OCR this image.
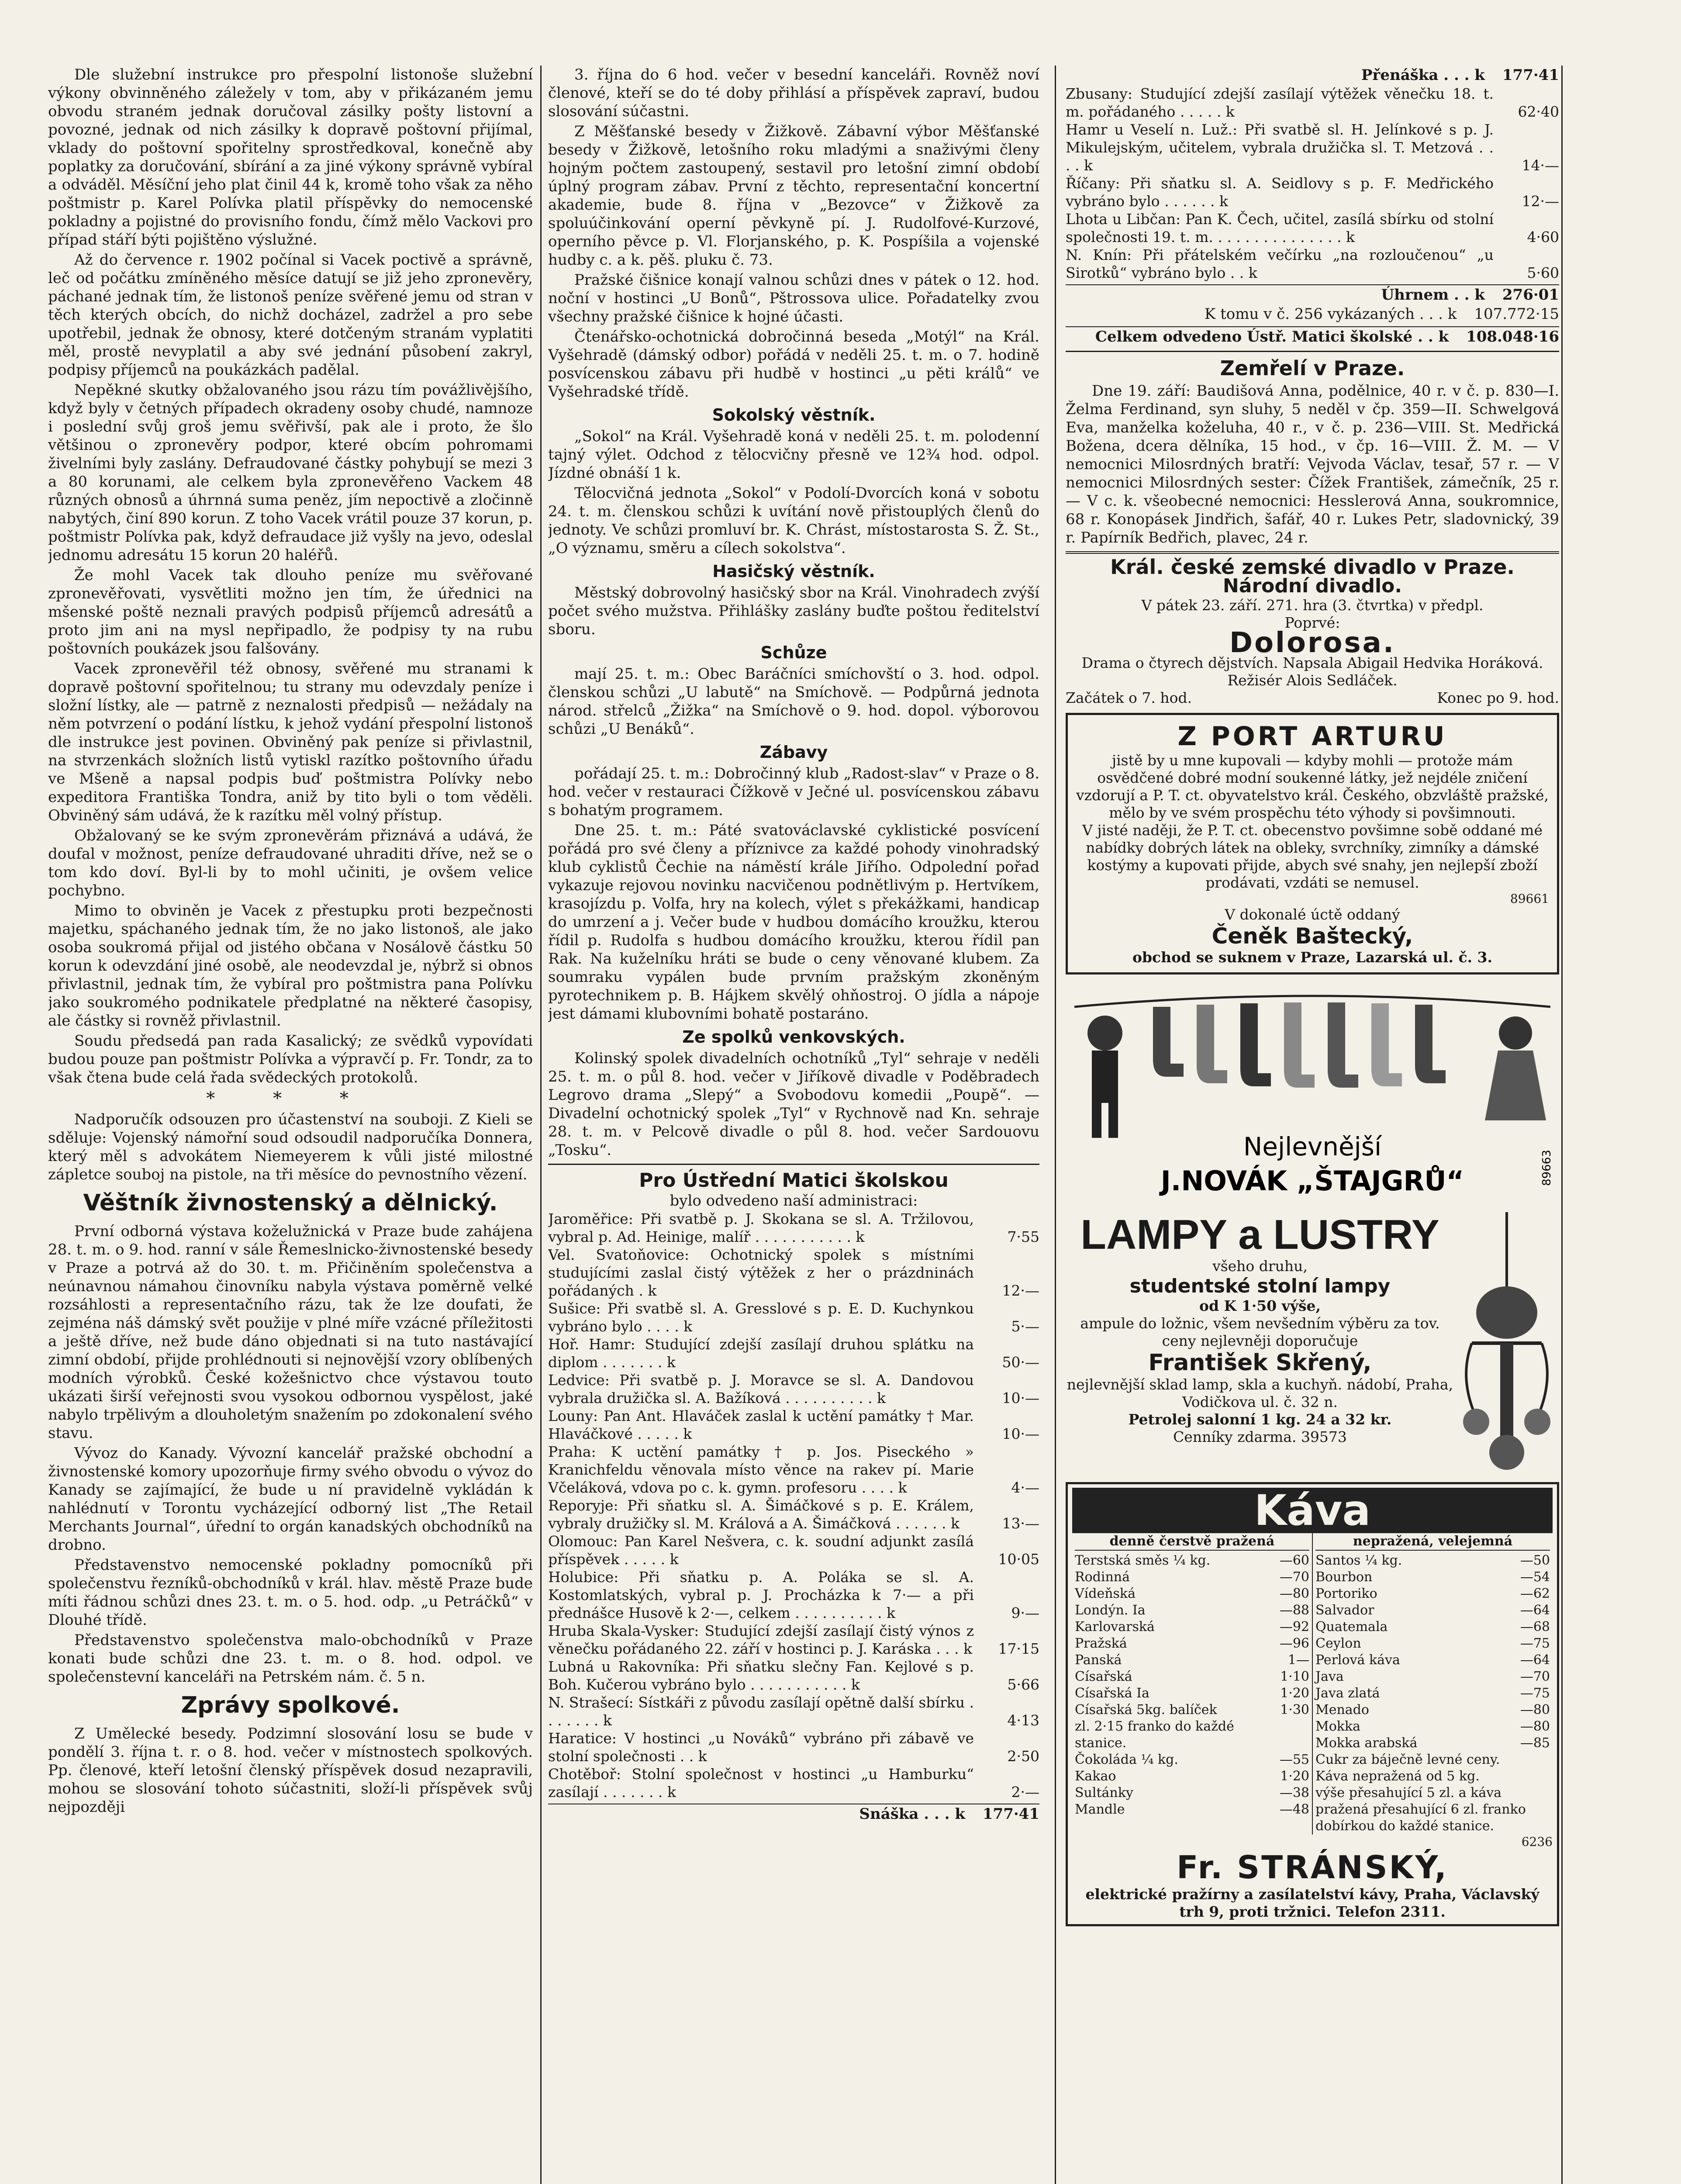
Dle služební instrukce pro přespolní listonoše služební výkony obvinněného záležely v tom, aby v přikázaném jemu obvodu straném jednak doručoval zásilky pošty listovní a povozné, jednak od nich zásilky k dopravě poštovní přijímal, vklady do poštovní spořitelny sprostředkoval, konečně aby poplatky za doručování, sbírání a za jiné výkony správně vybíral a odváděl. Měsíční jeho plat činil 44 k, kromě toho však za něho poštmistr p. Karel Polívka platil příspěvky do nemocenské pokladny a pojistné do provisního fondu, čímž mělo Vackovi pro případ stáří býti pojištěno výslužné.

Až do července r. 1902 počínal si Vacek poctivě a správně, leč od počátku zmíněného měsíce datují se již jeho zpronevěry, páchané jednak tím, že listonoš peníze svěřené jemu od stran v těch kterých obcích, do nichž docházel, zadržel a pro sebe upotřebil, jednak že obnosy, které dotčeným stranám vyplatiti měl, prostě nevyplatil a aby své jednání působení zakryl, podpisy příjemců na poukázkách padělal.

Nepěkné skutky obžalovaného jsou rázu tím povážlivějšího, když byly v četných případech okradeny osoby chudé, namnoze i poslední svůj groš jemu svěřivší, pak ale i proto, že šlo většinou o zpronevěry podpor, které obcím pohromami živelními byly zaslány. Defraudované částky pohybují se mezi 3 a 80 korunami, ale celkem byla zpronevěřeno Vackem 48 různých obnosů a úhrnná suma peněz, jím nepoctivě a zločinně nabytých, činí 890 korun. Z toho Vacek vrátil pouze 37 korun, p. poštmistr Polívka pak, když defraudace již vyšly na jevo, odeslal jednomu adresátu 15 korun 20 haléřů.

Že mohl Vacek tak dlouho peníze mu svěřované zpronevěřovati, vysvětliti možno jen tím, že úřednici na mšenské poště neznali pravých podpisů příjemců adresátů a proto jim ani na mysl nepřipadlo, že podpisy ty na rubu poštovních poukázek jsou falšovány.

Vacek zpronevěřil též obnosy, svěřené mu stranami k dopravě poštovní spořitelnou; tu strany mu odevzdaly peníze i složní lístky, ale — patrně z neznalosti předpisů — nežádaly na něm potvrzení o podání lístku, k jehož vydání přespolní listonoš dle instrukce jest povinen. Obviněný pak peníze si přivlastnil, na stvrzenkách složních listů vytiskl razítko poštovního úřadu ve Mšeně a napsal podpis buď poštmistra Polívky nebo expeditora Františka Tondra, aniž by tito byli o tom věděli. Obviněný sám udává, že k razítku měl volný přístup.

Obžalovaný se ke svým zpronevěrám přiznává a udává, že doufal v možnost, peníze defraudované uhraditi dříve, než se o tom kdo doví. Byl-li by to mohl učiniti, je ovšem velice pochybno.

Mimo to obviněn je Vacek z přestupku proti bezpečnosti majetku, spáchaného jednak tím, že no jako listonoš, ale jako osoba soukromá přijal od jistého občana v Nosálově částku 50 korun k odevzdání jiné osobě, ale neodevzdal je, nýbrž si obnos přivlastnil, jednak tím, že vybíral pro poštmistra pana Polívku jako soukromého podnikatele předplatné na některé časopisy, ale částky si rovněž přivlastnil.

Soudu předsedá pan rada Kasalický; ze svědků vypovídati budou pouze pan poštmistr Polívka a výpravčí p. Fr. Tondr, za to však čtena bude celá řada svědeckých protokolů.

* * *

Nadporučík odsouzen pro účastenství na souboji. Z Kieli se sděluje: Vojenský námořní soud odsoudil nadporučíka Donnera, který měl s advokátem Niemeyerem k vůli jisté milostné zápletce souboj na pistole, na tři měsíce do pevnostního vězení.

Věštník živnostenský a dělnický.

První odborná výstava koželužnická v Praze bude zahájena 28. t. m. o 9. hod. ranní v sále Řemeslnicko-živnostenské besedy v Praze a potrvá až do 30. t. m. Přičiněním společenstva a neúnavnou námahou činovníku nabyla výstava poměrně velké rozsáhlosti a representačního rázu, tak že lze doufati, že zejména náš dámský svět použije v plné míře vzácné příležitosti a ještě dříve, než bude dáno objednati si na tuto nastávající zimní období, přijde prohlédnouti si nejnovější vzory oblíbených modních výrobků. České kožešnictvo chce výstavou touto ukázati širší veřejnosti svou vysokou odbornou vyspělost, jaké nabylo trpělivým a dlouholetým snažením po zdokonalení svého stavu.

Vývoz do Kanady. Vývozní kancelář pražské obchodní a živnostenské komory upozorňuje firmy svého obvodu o vývoz do Kanady se zajímající, že bude u ní pravidelně vykládán k nahlédnutí v Torontu vycházející odborný list „The Retail Merchants Journal“, úřední to orgán kanadských obchodníků na drobno.

Představenstvo nemocenské pokladny pomocníků při společenstvu řezníků-obchodníků v král. hlav. městě Praze bude míti řádnou schůzi dnes 23. t. m. o 5. hod. odp. „u Petráčků“ v Dlouhé třídě.

Představenstvo společenstva malo-obchodníků v Praze konati bude schůzi dne 23. t. m. o 8. hod. odpol. ve společenstevní kanceláři na Petrském nám. č. 5 n.

Zprávy spolkové.

Z Umělecké besedy. Podzimní slosování losu se bude v pondělí 3. října t. r. o 8. hod. večer v místnostech spolkových. Pp. členové, kteří letošní členský příspěvek dosud nezapravili, mohou se slosování tohoto súčastniti, složí-li příspěvek svůj nejpozději

3. října do 6 hod. večer v besední kanceláři. Rovněž noví členové, kteří se do té doby přihlásí a příspěvek zapraví, budou slosování súčastni.

Z Měšťanské besedy v Žižkově. Zábavní výbor Měšťanské besedy v Žižkově, letošního roku mladými a snaživými členy hojným počtem zastoupený, sestavil pro letošní zimní období úplný program zábav. První z těchto, representační koncertní akademie, bude 8. října v „Bezovce“ v Žižkově za spoluúčinkování operní pěvkyně pí. J. Rudolfové-Kurzové, operního pěvce p. Vl. Florjanského, p. K. Pospíšila a vojenské hudby c. a k. pěš. pluku č. 73.

Pražské čišnice konají valnou schůzi dnes v pátek o 12. hod. noční v hostinci „U Bonů“, Pštrossova ulice. Pořadatelky zvou všechny pražské čišnice k hojné účasti.

Čtenářsko-ochotnická dobročinná beseda „Motýl“ na Král. Vyšehradě (dámský odbor) pořádá v neděli 25. t. m. o 7. hodině posvícenskou zábavu při hudbě v hostinci „u pěti králů“ ve Vyšehradské třídě.

Sokolský věstník.

„Sokol“ na Král. Vyšehradě koná v neděli 25. t. m. polodenní tajný výlet. Odchod z tělocvičny přesně ve 12¾ hod. odpol. Jízdné obnáší 1 k.

Tělocvičná jednota „Sokol“ v Podolí-Dvorcích koná v sobotu 24. t. m. členskou schůzi k uvítání nově přistouplých členů do jednoty. Ve schůzi promluví br. K. Chrást, místostarosta S. Ž. St., „O významu, směru a cílech sokolstva“.

Hasičský věstník.

Městský dobrovolný hasičský sbor na Král. Vinohradech zvýší počet svého mužstva. Přihlášky zaslány buďte poštou ředitelství sboru.

Schůze

mají 25. t. m.: Obec Baráčníci smíchovští o 3. hod. odpol. členskou schůzi „U labutě“ na Smíchově. — Podpůrná jednota národ. střelců „Žižka“ na Smíchově o 9. hod. dopol. výborovou schůzi „U Benáků“.

Zábavy

pořádají 25. t. m.: Dobročinný klub „Radost-slav“ v Praze o 8. hod. večer v restauraci Čížkově v Ječné ul. posvícenskou zábavu s bohatým programem.

Dne 25. t. m.: Páté svatováclavské cyklistické posvícení pořádá pro své členy a příznivce za každé pohody vinohradský klub cyklistů Čechie na náměstí krále Jiřího. Odpolední pořad vykazuje rejovou novinku nacvičenou podnětlivým p. Hertvíkem, krasojízdu p. Volfa, hry na kolech, výlet s překážkami, handicap do umrzení a j. Večer bude v hudbou domácího kroužku, kterou řídil p. Rudolfa s hudbou domácího kroužku, kterou řídil pan Rak. Na kuželníku hráti se bude o ceny věnované klubem. Za soumraku vypálen bude prvním pražským zkoněným pyrotechnikem p. B. Hájkem skvělý ohňostroj. O jídla a nápoje jest dámami klubovními bohatě postaráno.

Ze spolků venkovských.

Kolinský spolek divadelních ochotníků „Tyl“ sehraje v neděli 25. t. m. o půl 8. hod. večer v Jiříkově divadle v Poděbradech Legrovo drama „Slepý“ a Svobodovu komedii „Poupě“. — Divadelní ochotnický spolek „Tyl“ v Rychnově nad Kn. sehraje 28. t. m. v Pelcově divadle o půl 8. hod. večer Sardouovu „Tosku“.

Pro Ústřední Matici školskou

bylo odvedeno naší administraci:

Jaroměřice: Při svatbě p. J. Skokana se sl. A. Tržilovou, vybral p. Ad. Heinige, malíř . . . . . . . . . . . k	7·55
Vel. Svatoňovice: Ochotnický spolek s místními studujícími zaslal čistý výtěžek z her o prázdninách pořádaných . k	12·—
Sušice: Při svatbě sl. A. Gresslové s p. E. D. Kuchynkou vybráno bylo . . . . k	5·—
Hoř. Hamr: Studující zdejší zasílají druhou splátku na diplom . . . . . . . k	50·—
Ledvice: Při svatbě p. J. Moravce se sl. A. Dandovou vybrala družička sl. A. Bažíková . . . . . . . . . . k	10·—
Louny: Pan Ant. Hlaváček zaslal k uctění památky † Mar. Hlaváčkové . . . . . k	10·—
Praha: K uctění památky † p. Jos. Piseckého » Kranichfeldu věnovala místo věnce na rakev pí. Marie Včeláková, vdova po c. k. gymn. profesoru . . . . k	4·—
Reporyje: Při sňatku sl. A. Šimáčkové s p. E. Králem, vybraly družičky sl. M. Králová a A. Šimáčková . . . . . . k	13·—
Olomouc: Pan Karel Nešvera, c. k. soudní adjunkt zasílá příspěvek . . . . . k	10·05
Holubice: Při sňatku p. A. Poláka se sl. A. Kostomlatských, vybral p. J. Procházka k 7·— a při přednášce Husově k 2·—, celkem . . . . . . . . . . k	9·—
Hruba Skala-Vysker: Studující zdejší zasílají čistý výnos z věnečku pořádaného 22. září v hostinci p. J. Karáska . . . k	17·15
Lubná u Rakovníka: Při sňatku slečny Fan. Kejlové s p. Boh. Kučerou vybráno bylo . . . . . . . . . . . k	5·66
N. Strašecí: Sístkáři z původu zasílají opětně další sbírku . . . . . . . k	4·13
Haratice: V hostinci „u Nováků“ vybráno při zábavě ve stolní společnosti . . k	2·50
Chotěboř: Stolní společnost v hostinci „u Hamburku“ zasílají . . . . . . . k	2·—
Snáška . . . k 177·41
Přenáška . . . k 177·41
Zbusany: Studující zdejší zasílají výtěžek věnečku 18. t. m. pořádaného . . . . . k	62·40
Hamr u Veselí n. Luž.: Při svatbě sl. H. Jelínkové s p. J. Mikulejským, učitelem, vybrala družička sl. T. Metzová . . . . k	14·—
Říčany: Při sňatku sl. A. Seidlovy s p. F. Medřického vybráno bylo . . . . . . k	12·—
Lhota u Libčan: Pan K. Čech, učitel, zasílá sbírku od stolní společnosti 19. t. m. . . . . . . . . . . . . . . k	4·60
N. Knín: Při přátelském večírku „na rozloučenou“ „u Sirotků“ vybráno bylo . . k	5·60
Úhrnem . . k 276·01
K tomu v č. 256 vykázaných . . . k 107.772·15
Celkem odvedeno Ústř. Matici školské . . k 108.048·16
Zemřelí v Praze.

Dne 19. září: Baudišová Anna, podělnice, 40 r. v č. p. 830—I. Želma Ferdinand, syn sluhy, 5 neděl v čp. 359—II. Schwelgová Eva, manželka koželuha, 40 r., v č. p. 236—VIII. St. Medřická Božena, dcera dělníka, 15 hod., v čp. 16—VIII. Ž. M. — V nemocnici Milosrdných bratří: Vejvoda Václav, tesař, 57 r. — V nemocnici Milosrdných sester: Čížek František, zámečník, 25 r. — V c. k. všeobecné nemocnici: Hesslerová Anna, soukromnice, 68 r. Konopásek Jindřich, šafář, 40 r. Lukes Petr, sladovnický, 39 r. Papírník Bedřich, plavec, 24 r.

Král. české zemské divadlo v Praze.
Národní divadlo.
V pátek 23. září. 271. hra (3. čtvrtka) v předpl.
Poprvé:
Dolorosa.
Drama o čtyrech dějstvích. Napsala Abigail Hedvika Horáková. Režisér Alois Sedláček.
Začátek o 7. hod.	Konec po 9. hod.
Z PORT ARTURU

jistě by u mne kupovali — kdyby mohli — protože mám osvědčené dobré modní soukenné látky, jež nejdéle zničení vzdorují a P. T. ct. obyvatelstvo král. Českého, obzvláště pražské, mělo by ve svém prospěchu této výhody si povšimnouti.

V jisté naději, že P. T. ct. obecenstvo povšimne sobě oddané mé nabídky dobrých látek na obleky, svrchníky, zimníky a dámské kostýmy a kupovati přijde, abych své snahy, jen nejlepší zboží prodávati, vzdáti se nemusel.

89661
V dokonalé úctě oddaný
Čeněk Baštecký,
obchod se suknem v Praze, Lazarská ul. č. 3.
Nejlevnější
J.NOVÁK „ŠTAJGRŮ“	89663
LAMPY a LUSTRY
všeho druhu,
studentské stolní lampy
od K 1·50 výše,
ampule do ložnic, všem nevšedním výběru za tov. ceny nejlevněji doporučuje
František Skřený,
nejlevnější sklad lamp, skla a kuchyň. nádobí, Praha, Vodičkova ul. č. 32 n.
Petrolej salonní 1 kg. 24 a 32 kr.
Cenníky zdarma. 39573
Káva
denně čerstvě pražená
Terstská směs ¼ kg.	—60
Rodinná	—70
Vídeňská	—80
Londýn. Ia	—88
Karlovarská	—92
Pražská	—96
Panská	1—
Císařská	1·10
Císařská Ia	1·20
Císařská 5kg. balíček	1·30
zl. 2·15 franko do každé
stanice.
Čokoláda ¼ kg.	—55
Kakao	1·20
Sultánky	—38
Mandle	—48
nepražená, velejemná
Santos ¼ kg.	—50
Bourbon	—54
Portoriko	—62
Salvador	—64
Quatemala	—68
Ceylon	—75
Perlová káva	—64
Java	—70
Java zlatá	—75
Menado	—80
Mokka	—80
Mokka arabská	—85
Cukr za báječně levné ceny.
Káva nepražená od 5 kg.
výše přesahující 5 zl. a káva
pražená přesahující 6 zl. franko dobírkou do každé stanice.
6236
Fr. STRÁNSKÝ,
elektrické pražírny a zasílatelství kávy, Praha, Václavský trh 9, proti tržnici. Telefon 2311.
